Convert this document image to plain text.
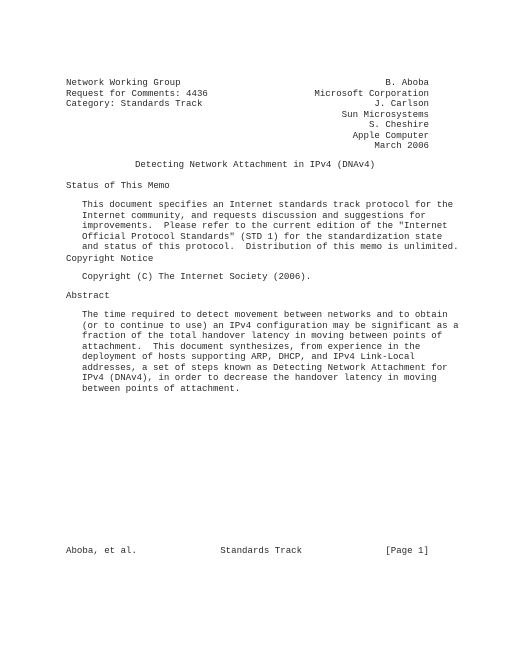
Network Working Group	B. Aboba
Request for Comments: 4436	Microsoft Corporation
Category: Standards Track	J. Carlson
Sun Microsystems
S. Cheshire
Apple Computer
March 2006
Detecting Network Attachment in IPv4 (DNAv4)
Status of This Memo
This document specifies an Internet standards track protocol for the
Internet community, and requests discussion and suggestions for
improvements.  Please refer to the current edition of the "Internet
Official Protocol Standards" (STD 1) for the standardization state
and status of this protocol.  Distribution of this memo is unlimited.
Copyright Notice
Copyright (C) The Internet Society (2006).
Abstract
The time required to detect movement between networks and to obtain
(or to continue to use) an IPv4 configuration may be significant as a
fraction of the total handover latency in moving between points of
attachment.  This document synthesizes, from experience in the
deployment of hosts supporting ARP, DHCP, and IPv4 Link-Local
addresses, a set of steps known as Detecting Network Attachment for
IPv4 (DNAv4), in order to decrease the handover latency in moving
between points of attachment.
Aboba, et al.	Standards Track	[Page 1]
